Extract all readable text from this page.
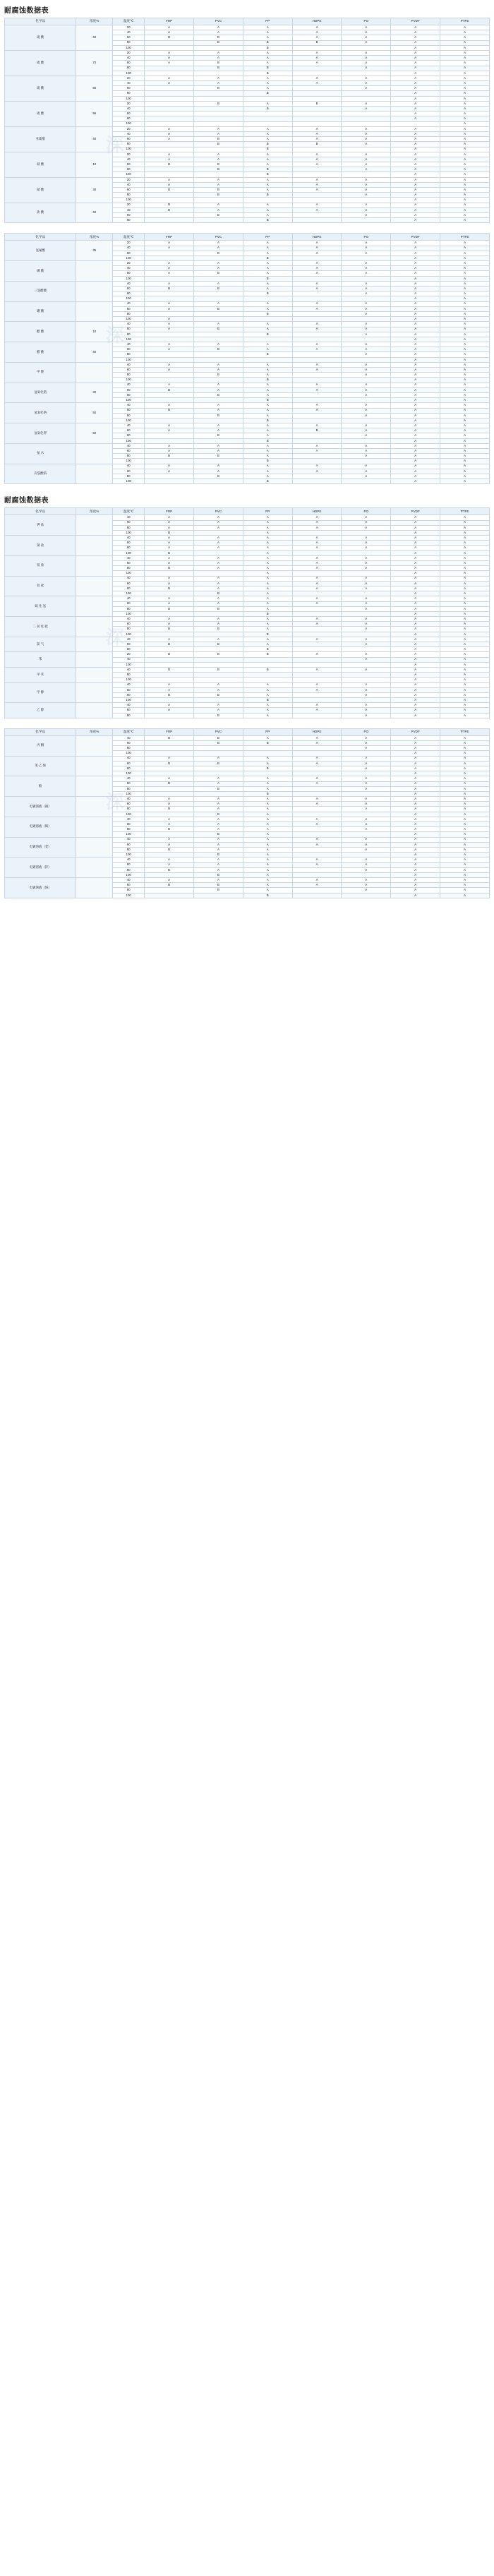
耐腐蚀数据表
化学品	浓度%	温度℃	FRP	PVC	PP	HDPE	PO	PVDF	PTFE
硫 酸	40	20	A	A	A	A	A	A	A
		40	A	A	A	A	A	A	A
		60	B	B	A	A	A	A	A
		80		B	B	B	A	A	A
		100			B			A	A
硫 酸	70	20	A	A	A	A	A	A	A
		40	A	A	A	A	A	A	A
		60	A	B	A	A	A	A	A
		80		B	B		A	A	A
		100			B			A	A
硫 酸	80	20	A	A	A	A	A	A	A
		40	A	A	A	A	A	A	A
		60		B	A		A	A	A
		80			B			A	A
		100						A	A
硫 酸	96	20		B	A	B	A	A	A
		40			B		A	A	A
		60						A	A
		80						A	A
		100							A
亚硫酸	40	20	A	A	A	A	A	A	A
		40	A	A	A	A	A	A	A
		60	A	B	A	A	A	A	A
		80		B	B	B	A	A	A
		100			B			A	A
硝 酸	10	20	A	A	A	A	A	A	A
		40	A	A	A	A	A	A	A
		60	B	B	A	A	A	A	A
		80		B	B		A	A	A
		100			B			A	A
硝 酸	30	20	A	A	A	A	A	A	A
		40	A	A	A	A	A	A	A
		60	B	B	A	A	A	A	A
		80		B	B		A	A	A
		100						A	A
盐 酸	40	20	B	A	A	A	A	A	A
		40	B	A	A	A	A	A	A
		60		B	A		A	A	A
		80			B			A	A
化学品	浓度%	温度℃	FRP	PVC	PP	HDPE	PO	PVDF	PTFE
氢氟酸	35	20	A	A	A	A	A	A	A
		40	A	A	A	A	A	A	A
		60		B	A	A	A	A	A
		100			B			A	A
磷 酸		20	A	A	A	A	A	A	A
		40	A	A	A	A	A	A	A
		60	A	B	A	A	A	A	A
		100			B			A	A
三氯醋酸		40	A	A	A	A	A	A	A
		60	B	B	A	A	A	A	A
		80			B		A	A	A
		100						A	A
硼 酸		40	A	A	A	A	A	A	A
		60	A	B	A	A	A	A	A
		80			B		A	A	A
		100	A					A	A
醋 酸	10	40	A	A	A	A	A	A	A
		60	A	B	A	A	A	A	A
		80			B		A	A	A
		100						A	A
醋 酸	40	40	A	A	A	A	A	A	A
		60	A	B	A	A	A	A	A
		80			B		A	A	A
		100						A	A
甲 醛		40	A	A	A	A	A	A	A
		60	A	A	A	A	A	A	A
		80		B	A		A	A	A
		100			B			A	A
氢氧化钠	30	40	A	A	A	A	A	A	A
		60	B	A	A	A	A	A	A
		80		B	A		A	A	A
		100			B			A	A
氢氧化钠	50	40	A	A	A	A	A	A	A
		60	B	A	A	A	A	A	A
		80		B	A		A	A	A
		100			B			A	A
氢氧化钾	50	40	A	A	A	A	A	A	A
		60	A	A	A	B	A	A	A
		80		B	A		A	A	A
		100			B			A	A
氨 水		40	A	A	A	A	A	A	A
		60	A	A	A	A	A	A	A
		80	B	B	A		A	A	A
		100			B			A	A
次氯酸钠		40	A	A	A	A	A	A	A
		60	A	A	A	A	A	A	A
		80		B	A		A	A	A
		100			B			A	A
耐腐蚀数据表
化学品	浓度%	温度℃	FRP	PVC	PP	HDPE	PO	PVDF	PTFE
钾 盐		40	A	A	A	A	A	A	A
		60	A	A	A	A	A	A	A
		80	A	A	A	A	A	A	A
		100	B		A			A	A
钠 盐		40	A	A	A	A	A	A	A
		60	A	A	A	A	A	A	A
		80	A	A	A	A	A	A	A
		100	B		A			A	A
铵 盐		40	A	A	A	A	A	A	A
		60	A	A	A	A	A	A	A
		80	B	A	A	A	A	A	A
		100			A			A	A
铝 盐		40	A	A	A	A	A	A	A
		60	A	A	A	A	A	A	A
		80	B	A	A	A	A	A	A
		100		B	A			A	A
硫 化 氢		40	A	A	A	A	A	A	A
		60	A	A	A	A	A	A	A
		80	B	B	A		A	A	A
		100			B			A	A
二 氧 化 硫		40	A	A	A	A	A	A	A
		60	A	A	A	A	A	A	A
		80	B	B	A		A	A	A
		100			B			A	A
氯 气		40	A	A	A	A	A	A	A
		60	B	B	A		A	A	A
		80			B			A	A
苯		20	B	B	B	A	A	A	A
		40					A	A	A
		100						A	A
甲 苯		40	B	B	B	A	A	A	A
		80						A	A
		100						A	A
甲 醇		40	A	A	A	A	A	A	A
		60	A	A	A	A	A	A	A
		80	B	B	A		A	A	A
		100			B			A	A
乙 醇		40	A	A	A	A	A	A	A
		60	A	A	A	A	A	A	A
		80		B	A		A	A	A
化学品	浓度%	温度℃	FRP	PVC	PP	HDPE	PO	PVDF	PTFE
丙 酮		40	B	B	A	A	A	A	A
		60		B	B	A	A	A	A
		80					A	A	A
		100						A	A
苯 乙 烯		40	A	A	A	A	A	A	A
		60	B	B	A	A	A	A	A
		80			B		A	A	A
		100						A	A
酚		40	A	A	A	A	A	A	A
		60	B	A	A	A	A	A	A
		80		B	A		A	A	A
		100			B			A	A
电镀溶液（铜）		40	A	A	A	A	A	A	A
		60	A	A	A	A	A	A	A
		80	B	A	A		A	A	A
		100		B	A			A	A
电镀溶液（镍）		40	A	A	A	A	A	A	A
		60	A	A	A	A	A	A	A
		80	B	A	A		A	A	A
		100		B	A			A	A
电镀溶液（金）		40	A	A	A	A	A	A	A
		60	A	A	A	A	A	A	A
		80	B	A	A		A	A	A
		100		B	A			A	A
电镀溶液（锌）		40	A	A	A	A	A	A	A
		60	A	A	A	A	A	A	A
		80	B	A	A		A	A	A
		100		B	A			A	A
电镀溶液（铬）		40	A	A	A	A	A	A	A
		60	B	B	A	A	A	A	A
		80		B	A		A	A	A
		100			B			A	A
